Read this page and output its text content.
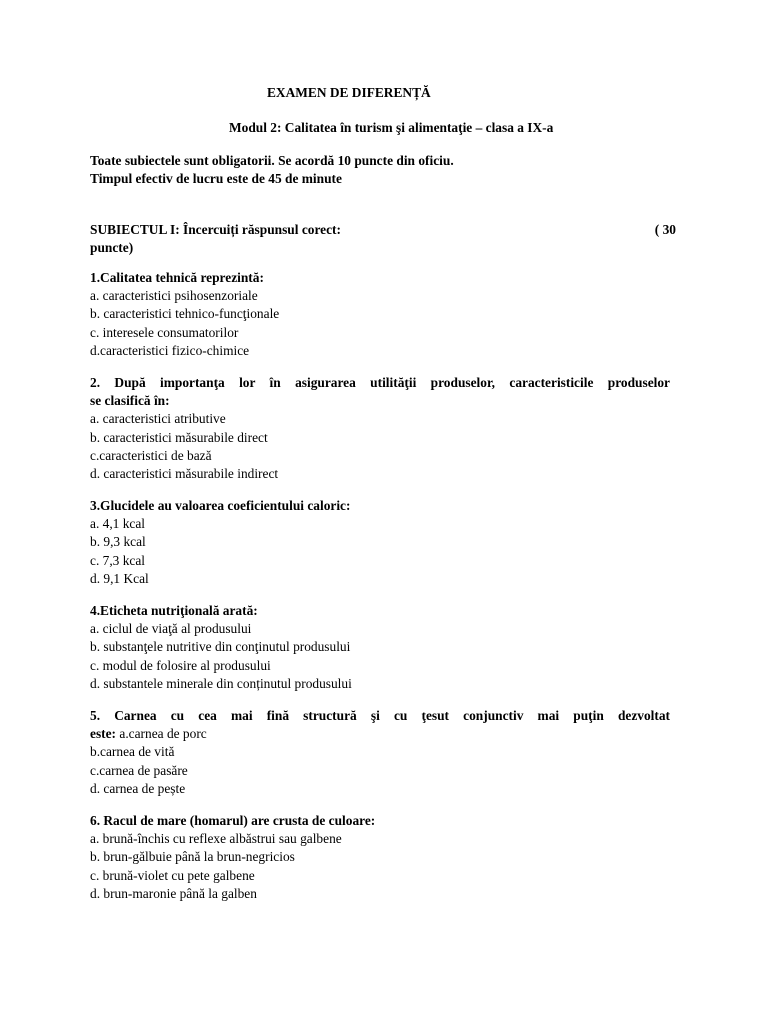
EXAMEN DE DIFERENȚĂ
Modul 2: Calitatea în turism şi alimentaţie – clasa a IX-a
Toate subiectele sunt obligatorii. Se acordă 10 puncte din oficiu.
Timpul efectiv de lucru este de 45 de minute
SUBIECTUL I: Încercuiți răspunsul corect:	( 30
puncte)
1.Calitatea tehnică reprezintă:
a. caracteristici psihosenzoriale
b. caracteristici tehnico-funcţionale
c. interesele consumatorilor
d.caracteristici fizico-chimice
2. După importanţa lor în asigurarea utilităţii produselor, caracteristicile produselor
se clasifică în:
a. caracteristici atributive
b. caracteristici măsurabile direct
c.caracteristici de bază
d. caracteristici măsurabile indirect
3.Glucidele au valoarea coeficientului caloric:
a. 4,1 kcal
b. 9,3 kcal
c. 7,3 kcal
d. 9,1 Kcal
4.Eticheta nutriţională arată:
a. ciclul de viaţă al produsului
b. substanţele nutritive din conţinutul produsului
c. modul de folosire al produsului
d. substantele minerale din conținutul produsului
5. Carnea cu cea mai fină structură şi cu ţesut conjunctiv mai puţin dezvoltat
este: a.carnea de porc
b.carnea de vită
c.carnea de pasăre
d. carnea de pește
6. Racul de mare (homarul) are crusta de culoare:
a. brună-închis cu reflexe albăstrui sau galbene
b. brun-gălbuie până la brun-negricios
c. brună-violet cu pete galbene
d. brun-maronie până la galben
